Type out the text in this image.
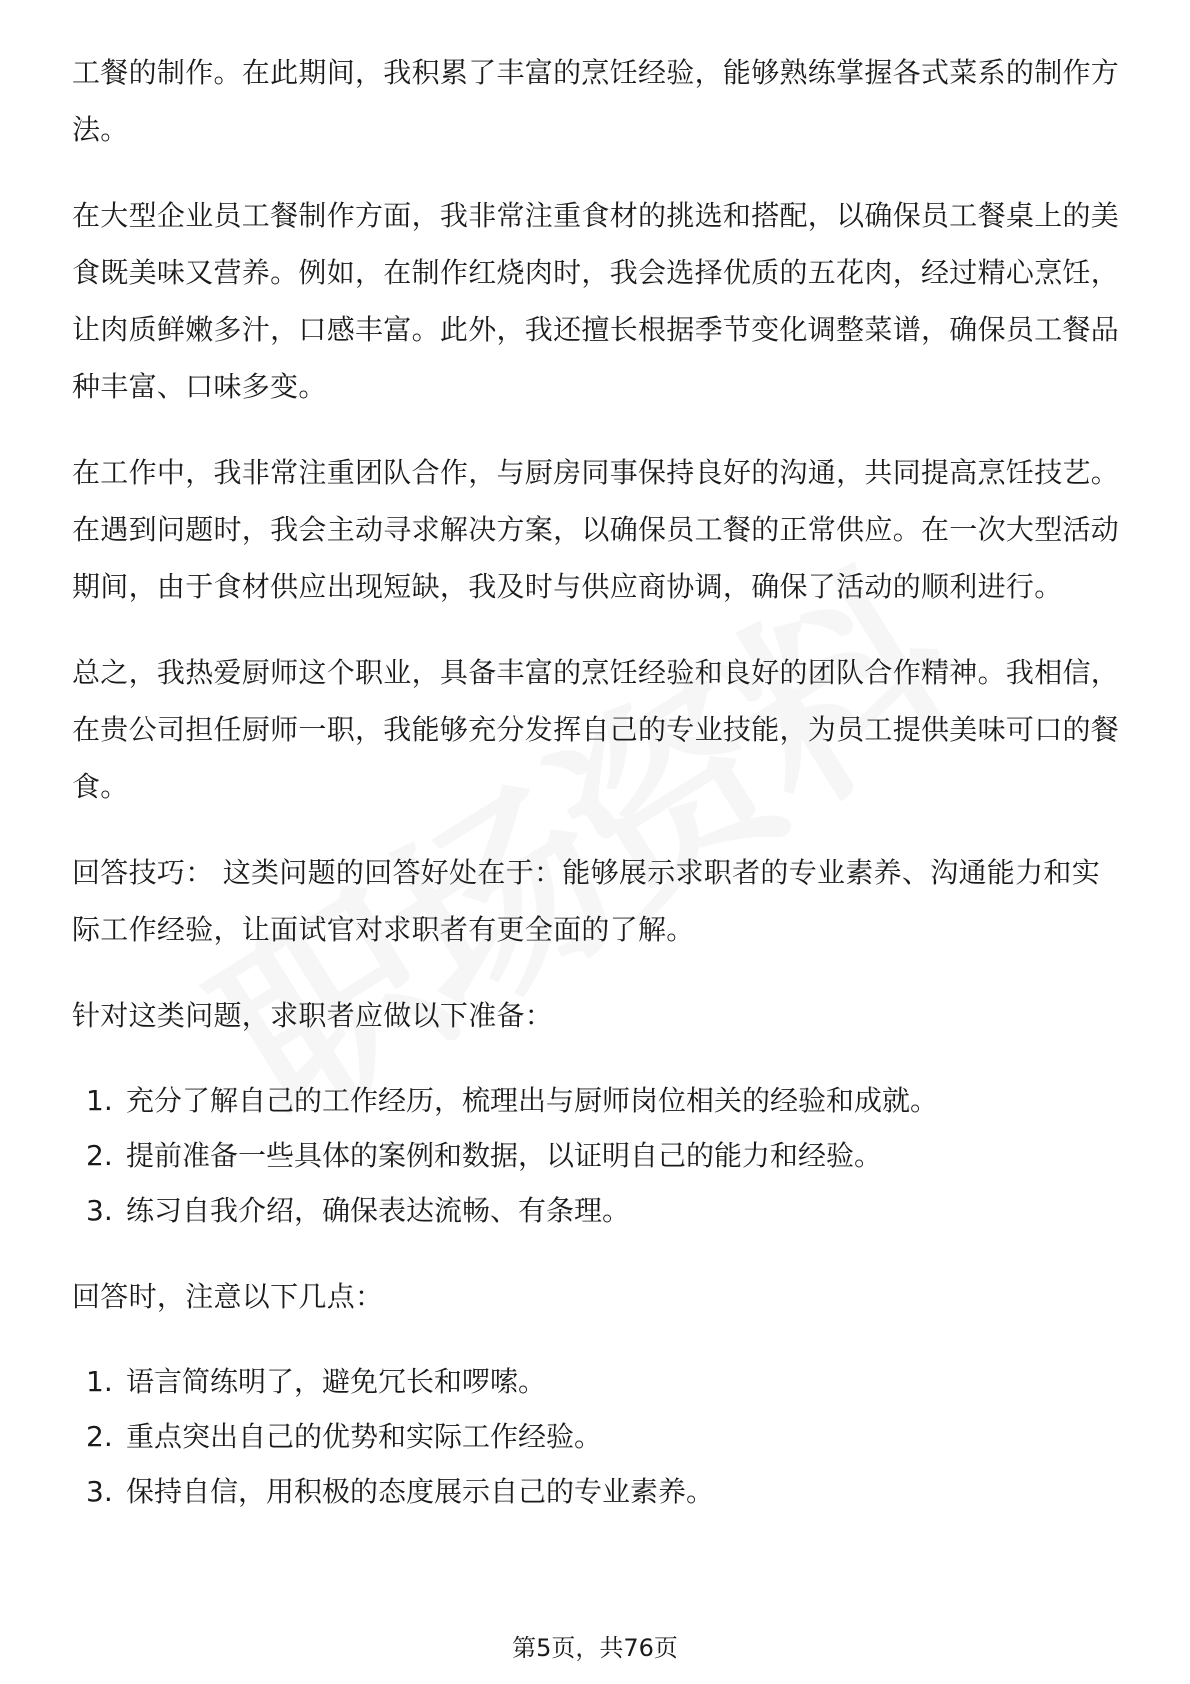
工餐的制作。在此期间，我积累了丰富的烹饪经验，能够熟练掌握各式菜系的制作方法。

在大型企业员工餐制作方面，我非常注重食材的挑选和搭配，以确保员工餐桌上的美食既美味又营养。例如，在制作红烧肉时，我会选择优质的五花肉，经过精心烹饪，让肉质鲜嫩多汁，口感丰富。此外，我还擅长根据季节变化调整菜谱，确保员工餐品种丰富、口味多变。

在工作中，我非常注重团队合作，与厨房同事保持良好的沟通，共同提高烹饪技艺。在遇到问题时，我会主动寻求解决方案，以确保员工餐的正常供应。在一次大型活动期间，由于食材供应出现短缺，我及时与供应商协调，确保了活动的顺利进行。

总之，我热爱厨师这个职业，具备丰富的烹饪经验和良好的团队合作精神。我相信，在贵公司担任厨师一职，我能够充分发挥自己的专业技能，为员工提供美味可口的餐食。

回答技巧： 这类问题的回答好处在于：能够展示求职者的专业素养、沟通能力和实际工作经验，让面试官对求职者有更全面的了解。

针对这类问题，求职者应做以下准备：

1. 充分了解自己的工作经历，梳理出与厨师岗位相关的经验和成就。
2. 提前准备一些具体的案例和数据，以证明自己的能力和经验。
3. 练习自我介绍，确保表达流畅、有条理。

回答时，注意以下几点：

1. 语言简练明了，避免冗长和啰嗦。
2. 重点突出自己的优势和实际工作经验。
3. 保持自信，用积极的态度展示自己的专业素养。
第5页，共76页
